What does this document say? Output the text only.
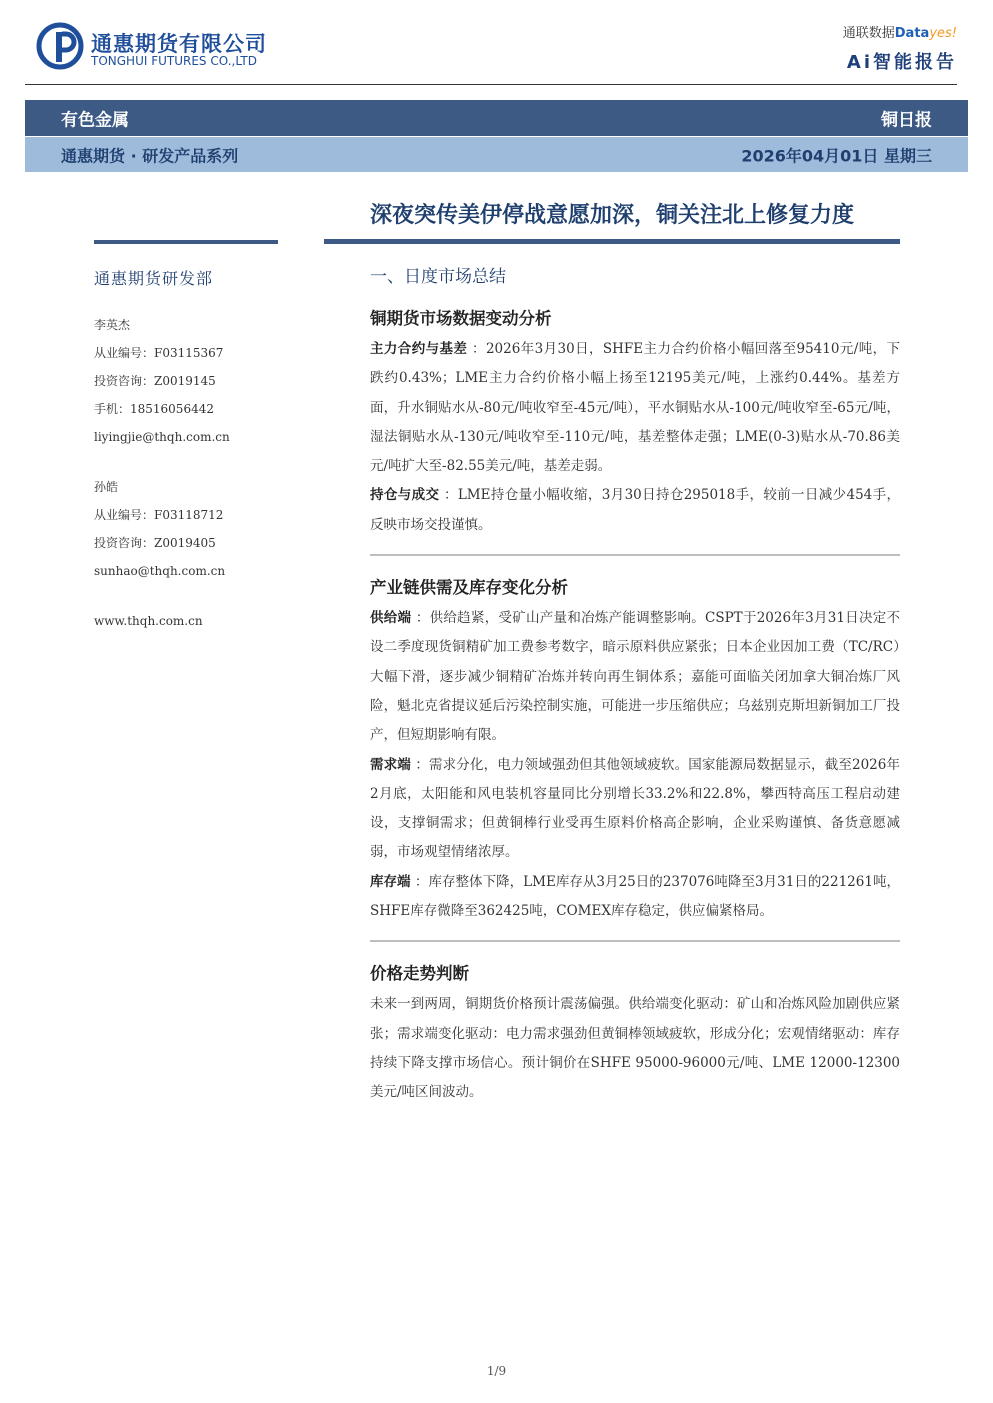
通惠期货有限公司
TONGHUI FUTURES CO.,LTD
通联数据Datayes!
Ai智能报告
有色金属	铜日报
通惠期货 · 研发产品系列	2026年04月01日 星期三
深夜突传美伊停战意愿加深，铜关注北上修复力度
通惠期货研发部
李英杰
从业编号：F03115367
投资咨询：Z0019145
手机：18516056442
liyingjie@thqh.com.cn
孙皓
从业编号：F03118712
投资咨询：Z0019405
sunhao@thqh.com.cn
www.thqh.com.cn
一、日度市场总结
铜期货市场数据变动分析

主力合约与基差 ：2026年3月30日，SHFE主力合约价格小幅回落至95410元/吨，下跌约0.43%；LME主力合约价格小幅上扬至12195美元/吨，上涨约0.44%。基差方面，升水铜贴水从-80元/吨收窄至-45元/吨），平水铜贴水从-100元/吨收窄至-65元/吨，湿法铜贴水从-130元/吨收窄至-110元/吨，基差整体走强；LME(0-3)贴水从-70.86美元/吨扩大至-82.55美元/吨，基差走弱。

持仓与成交 ：LME持仓量小幅收缩，3月30日持仓295018手，较前一日减少454手，反映市场交投谨慎。

产业链供需及库存变化分析

供给端 ：供给趋紧，受矿山产量和冶炼产能调整影响。CSPT于2026年3月31日决定不设二季度现货铜精矿加工费参考数字，暗示原料供应紧张；日本企业因加工费（TC/RC）大幅下滑，逐步减少铜精矿冶炼并转向再生铜体系；嘉能可面临关闭加拿大铜冶炼厂风险，魁北克省提议延后污染控制实施，可能进一步压缩供应；乌兹别克斯坦新铜加工厂投产，但短期影响有限。

需求端 ：需求分化，电力领域强劲但其他领域疲软。国家能源局数据显示，截至2026年2月底，太阳能和风电装机容量同比分别增长33.2%和22.8%，攀西特高压工程启动建设，支撑铜需求；但黄铜棒行业受再生原料价格高企影响，企业采购谨慎、备货意愿减弱，市场观望情绪浓厚。

库存端 ：库存整体下降，LME库存从3月25日的237076吨降至3月31日的221261吨，SHFE库存微降至362425吨，COMEX库存稳定，供应偏紧格局。

价格走势判断

未来一到两周，铜期货价格预计震荡偏强。供给端变化驱动：矿山和冶炼风险加剧供应紧张；需求端变化驱动：电力需求强劲但黄铜棒领域疲软，形成分化；宏观情绪驱动：库存持续下降支撑市场信心。预计铜价在SHFE 95000-96000元/吨、LME 12000-12300美元/吨区间波动。

1/9
